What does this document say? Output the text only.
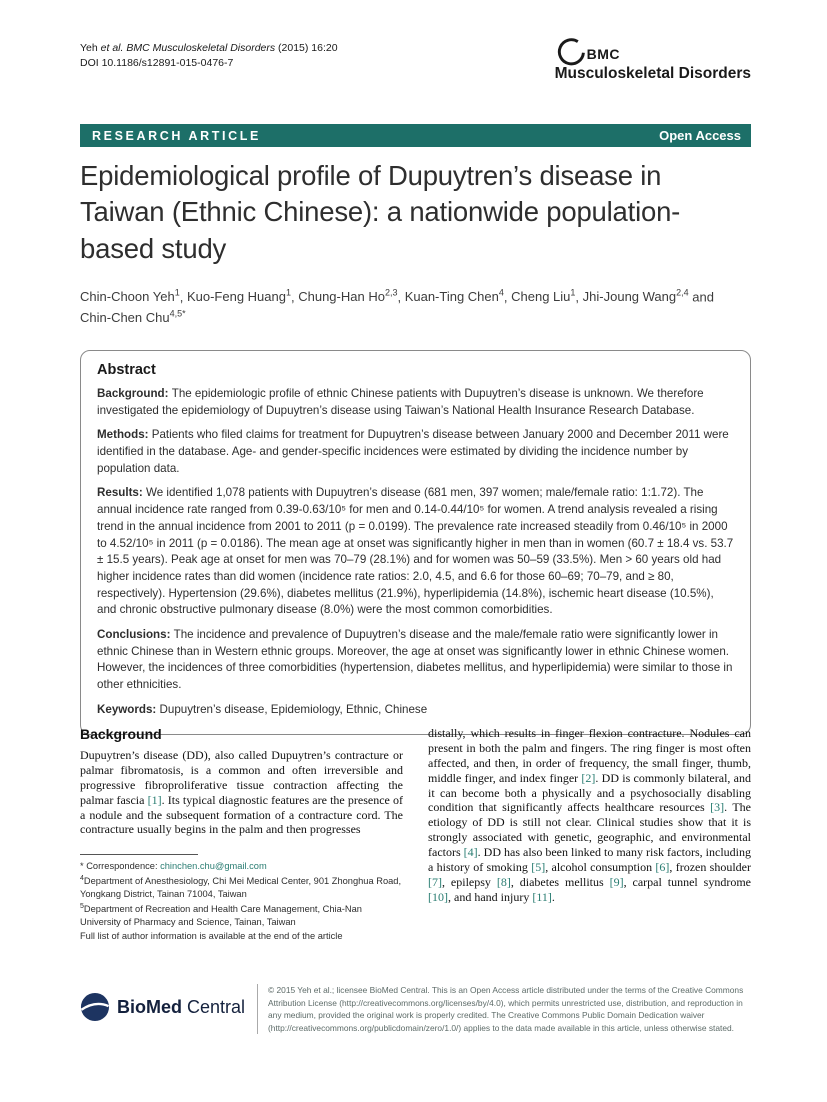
Yeh et al. BMC Musculoskeletal Disorders (2015) 16:20
DOI 10.1186/s12891-015-0476-7
BMC
Musculoskeletal Disorders
RESEARCH ARTICLE	Open Access
Epidemiological profile of Dupuytren’s disease in Taiwan (Ethnic Chinese): a nationwide population-based study
Chin-Choon Yeh$^1$, Kuo-Feng Huang$^1$, Chung-Han Ho$^{2,3}$, Kuan-Ting Chen$^4$, Cheng Liu$^1$, Jhi-Joung Wang$^{2,4}$ and Chin-Chen Chu$^{4,5*}$
Abstract

Background: The epidemiologic profile of ethnic Chinese patients with Dupuytren’s disease is unknown. We therefore investigated the epidemiology of Dupuytren’s disease using Taiwan’s National Health Insurance Research Database.

Methods: Patients who filed claims for treatment for Dupuytren’s disease between January 2000 and December 2011 were identified in the database. Age- and gender-specific incidences were estimated by dividing the incidence number by population data.

Results: We identified 1,078 patients with Dupuytren’s disease (681 men, 397 women; male/female ratio: 1:1.72). The annual incidence rate ranged from 0.39-0.63/10⁵ for men and 0.14-0.44/10⁵ for women. A trend analysis revealed a rising trend in the annual incidence from 2001 to 2011 (p = 0.0199). The prevalence rate increased steadily from 0.46/10⁵ in 2000 to 4.52/10⁵ in 2011 (p = 0.0186). The mean age at onset was significantly higher in men than in women (60.7 ± 18.4 vs. 53.7 ± 15.5 years). Peak age at onset for men was 70–79 (28.1%) and for women was 50–59 (33.5%). Men > 60 years old had higher incidence rates than did women (incidence rate ratios: 2.0, 4.5, and 6.6 for those 60–69; 70–79, and ≥ 80, respectively). Hypertension (29.6%), diabetes mellitus (21.9%), hyperlipidemia (14.8%), ischemic heart disease (10.5%), and chronic obstructive pulmonary disease (8.0%) were the most common comorbidities.

Conclusions: The incidence and prevalence of Dupuytren’s disease and the male/female ratio were significantly lower in ethnic Chinese than in Western ethnic groups. Moreover, the age at onset was significantly lower in ethnic Chinese women. However, the incidences of three comorbidities (hypertension, diabetes mellitus, and hyperlipidemia) were similar to those in other ethnicities.

Keywords: Dupuytren’s disease, Epidemiology, Ethnic, Chinese

Background

Dupuytren’s disease (DD), also called Dupuytren’s contracture or palmar fibromatosis, is a common and often irreversible and progressive fibroproliferative tissue contraction affecting the palmar fascia [1]. Its typical diagnostic features are the presence of a nodule and the subsequent formation of a contracture cord. The contracture usually begins in the palm and then progresses

* Correspondence: chinchen.chu@gmail.com
$^4$Department of Anesthesiology, Chi Mei Medical Center, 901 Zhonghua Road, Yongkang District, Tainan 71004, Taiwan
$^5$Department of Recreation and Health Care Management, Chia-Nan University of Pharmacy and Science, Tainan, Taiwan
Full list of author information is available at the end of the article

distally, which results in finger flexion contracture. Nodules can present in both the palm and fingers. The ring finger is most often affected, and then, in order of frequency, the small finger, thumb, middle finger, and index finger [2]. DD is commonly bilateral, and it can become both a physically and a psychosocially disabling condition that significantly affects healthcare resources [3]. The etiology of DD is still not clear. Clinical studies show that it is strongly associated with genetic, geographic, and environmental factors [4]. DD has also been linked to many risk factors, including a history of smoking [5], alcohol consumption [6], frozen shoulder [7], epilepsy [8], diabetes mellitus [9], carpal tunnel syndrome [10], and hand injury [11].

BioMed Central
© 2015 Yeh et al.; licensee BioMed Central. This is an Open Access article distributed under the terms of the Creative Commons Attribution License (http://creativecommons.org/licenses/by/4.0), which permits unrestricted use, distribution, and reproduction in any medium, provided the original work is properly credited. The Creative Commons Public Domain Dedication waiver (http://creativecommons.org/publicdomain/zero/1.0/) applies to the data made available in this article, unless otherwise stated.
